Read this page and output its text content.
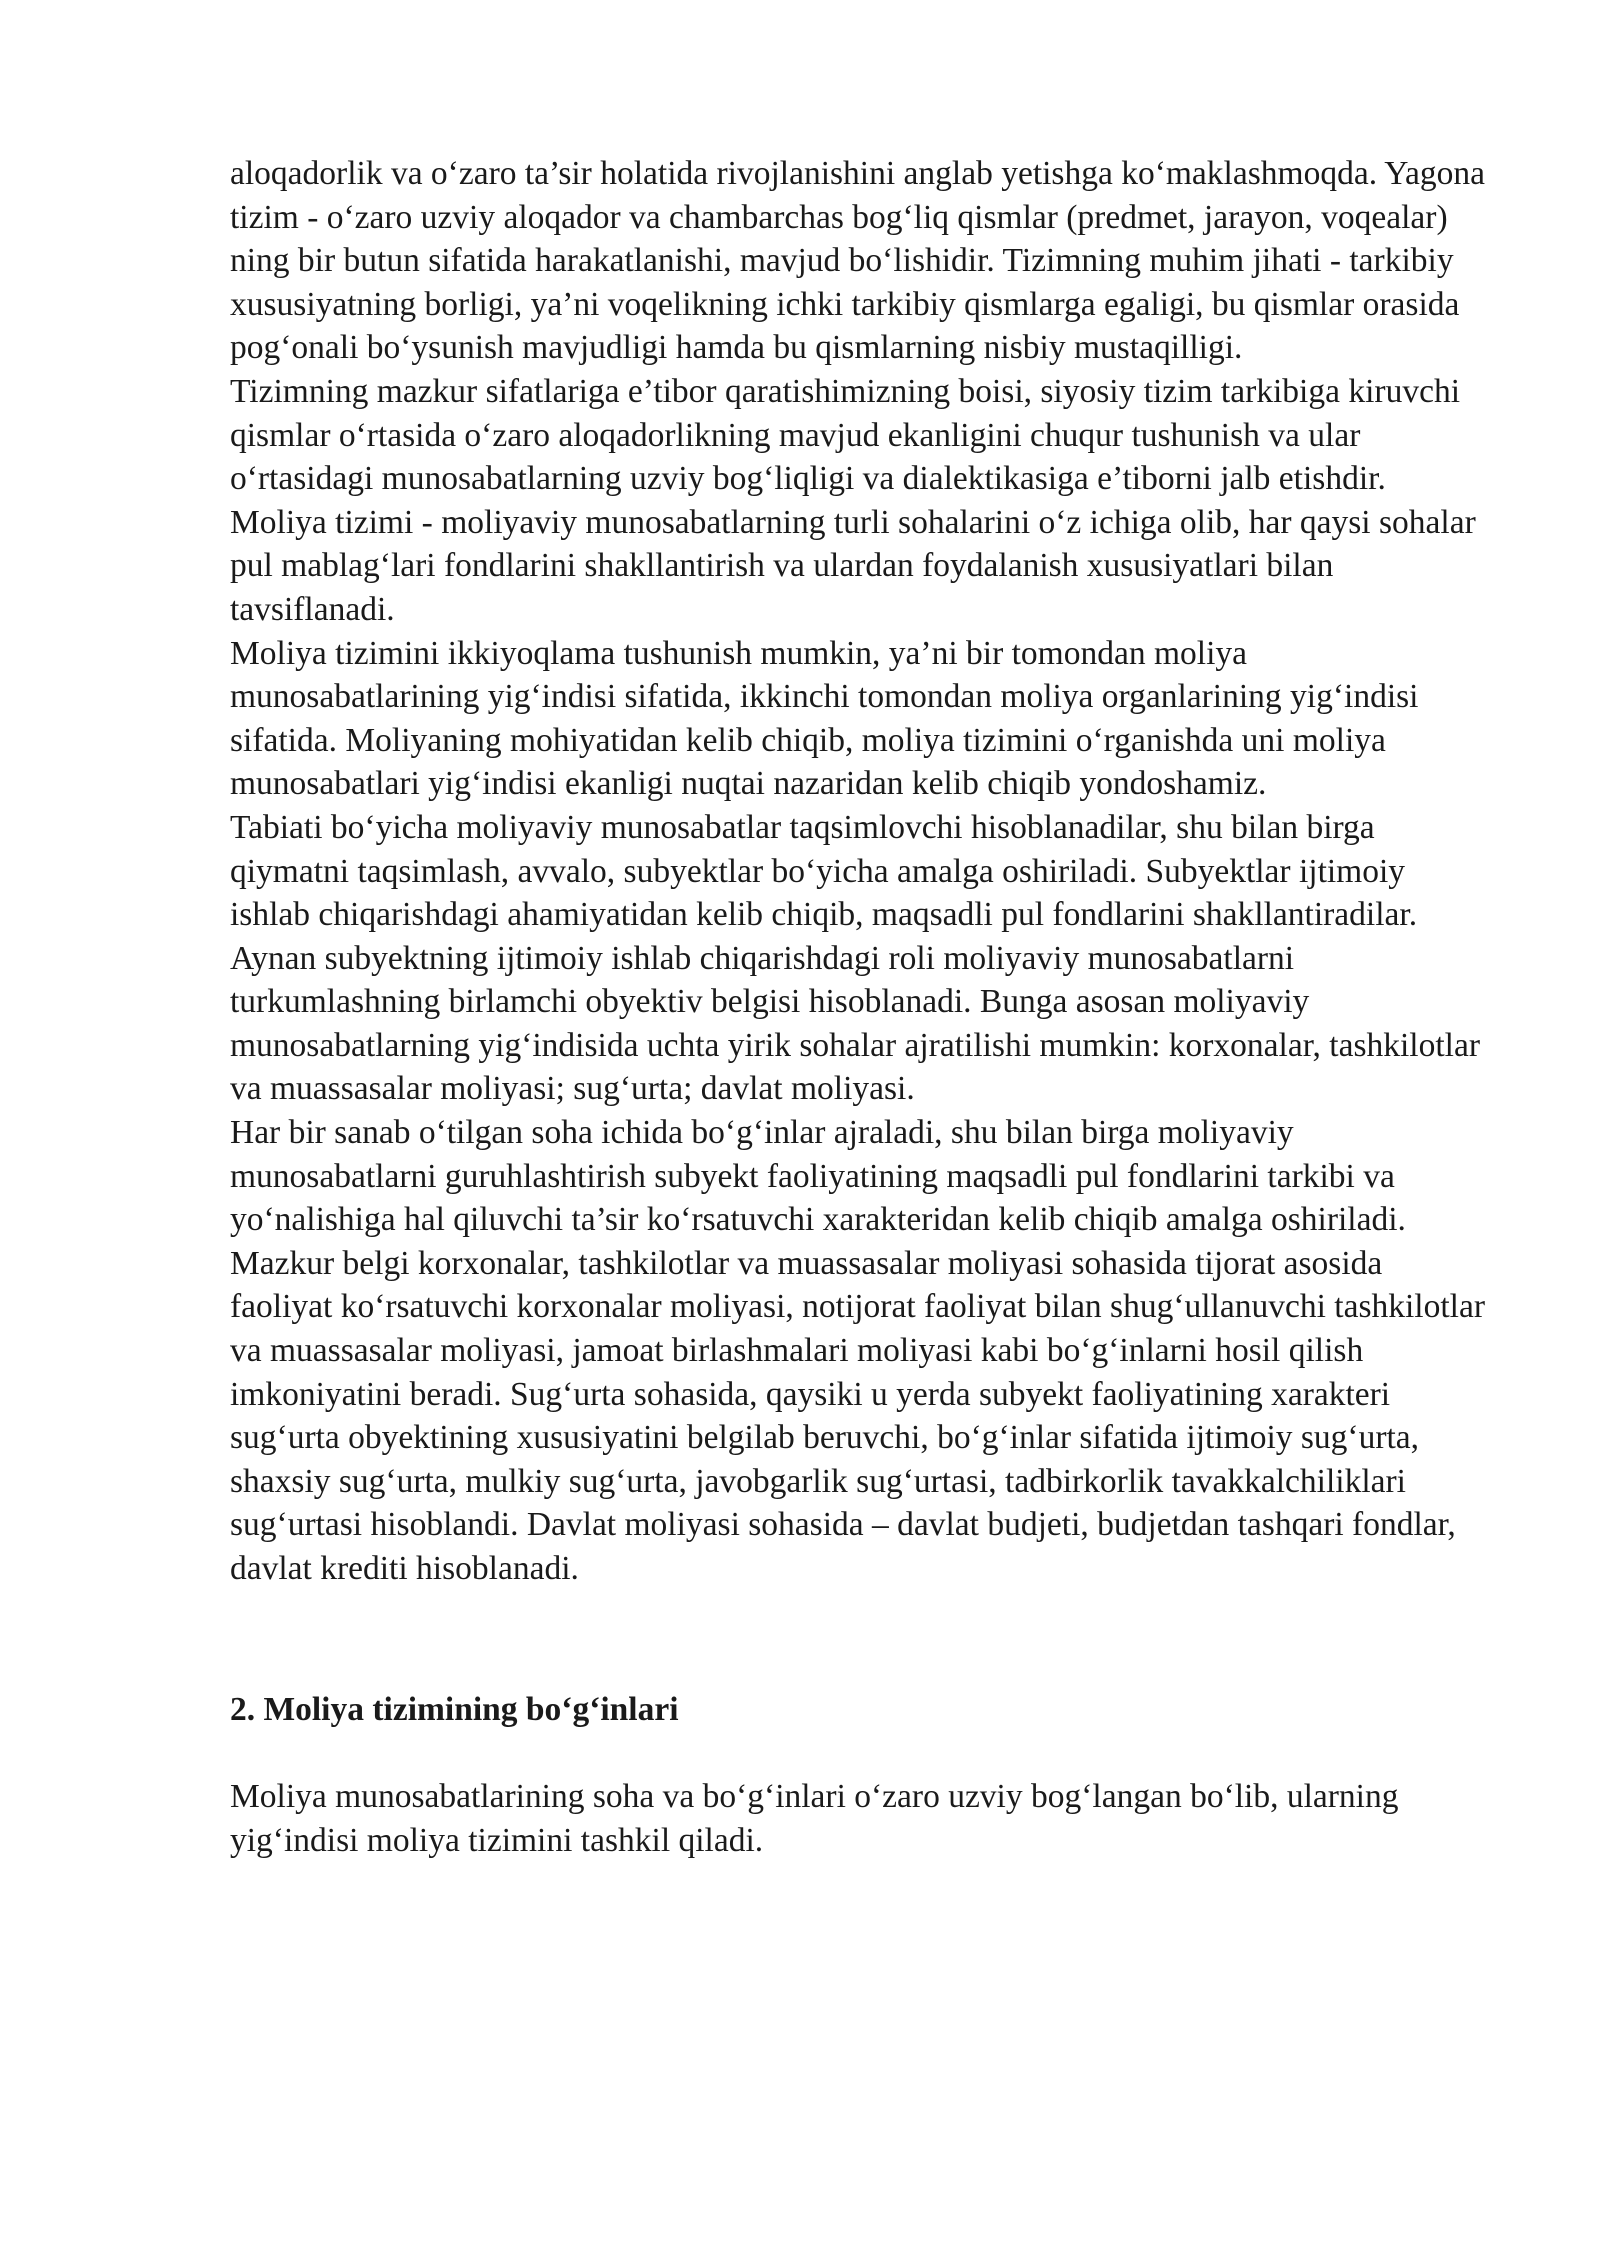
aloqadorlik va o‘zaro ta’sir holatida rivojlanishini anglab yetishga ko‘maklashmoqda. Yagona tizim - o‘zaro uzviy aloqador va chambarchas bog‘liq qismlar (predmet, jarayon, voqealar) ning bir butun sifatida harakatlanishi, mavjud bo‘lishidir. Tizimning muhim jihati - tarkibiy xususiyatning borligi, ya’ni voqelikning ichki tarkibiy qismlarga egaligi, bu qismlar orasida pog‘onali bo‘ysunish mavjudligi hamda bu qismlarning nisbiy mustaqilligi.

Tizimning mazkur sifatlariga e’tibor qaratishimizning boisi, siyosiy tizim tarkibiga kiruvchi qismlar o‘rtasida o‘zaro aloqadorlikning mavjud ekanligini chuqur tushunish va ular o‘rtasidagi munosabatlarning uzviy bog‘liqligi va dialektikasiga e’tiborni jalb etishdir.

Moliya tizimi - moliyaviy munosabatlarning turli sohalarini o‘z ichiga olib, har qaysi sohalar pul mablag‘lari fondlarini shakllantirish va ulardan foydalanish xususiyatlari bilan tavsiflanadi.

Moliya tizimini ikkiyoqlama tushunish mumkin, ya’ni bir tomondan moliya munosabatlarining yig‘indisi sifatida, ikkinchi tomondan moliya organlarining yig‘indisi sifatida. Moliyaning mohiyatidan kelib chiqib, moliya tizimini o‘rganishda uni moliya munosabatlari yig‘indisi ekanligi nuqtai nazaridan kelib chiqib yondoshamiz.

Tabiati bo‘yicha moliyaviy munosabatlar taqsimlovchi hisoblanadilar, shu bilan birga qiymatni taqsimlash, avvalo, subyektlar bo‘yicha amalga oshiriladi. Subyektlar ijtimoiy ishlab chiqarishdagi ahamiyatidan kelib chiqib, maqsadli pul fondlarini shakllantiradilar. Aynan subyektning ijtimoiy ishlab chiqarishdagi roli moliyaviy munosabatlarni turkumlashning birlamchi obyektiv belgisi hisoblanadi. Bunga asosan moliyaviy munosabatlarning yig‘indisida uchta yirik sohalar ajratilishi mumkin: korxonalar, tashkilotlar va muassasalar moliyasi; sug‘urta; davlat moliyasi.

Har bir sanab o‘tilgan soha ichida bo‘g‘inlar ajraladi, shu bilan birga moliyaviy munosabatlarni guruhlashtirish subyekt faoliyatining maqsadli pul fondlarini tarkibi va yo‘nalishiga hal qiluvchi ta’sir ko‘rsatuvchi xarakteridan kelib chiqib amalga oshiriladi.

Mazkur belgi korxonalar, tashkilotlar va muassasalar moliyasi sohasida tijorat asosida faoliyat ko‘rsatuvchi korxonalar moliyasi, notijorat faoliyat bilan shug‘ullanuvchi tashkilotlar va muassasalar moliyasi, jamoat birlashmalari moliyasi kabi bo‘g‘inlarni hosil qilish imkoniyatini beradi. Sug‘urta sohasida, qaysiki u yerda subyekt faoliyatining xarakteri sug‘urta obyektining xususiyatini belgilab beruvchi, bo‘g‘inlar sifatida ijtimoiy sug‘urta, shaxsiy sug‘urta, mulkiy sug‘urta, javobgarlik sug‘urtasi, tadbirkorlik tavakkalchiliklari sug‘urtasi hisoblandi. Davlat moliyasi sohasida – davlat budjeti, budjetdan tashqari fondlar, davlat krediti hisoblanadi.

2. Moliya tizimining bo‘g‘inlari

Moliya munosabatlarining soha va bo‘g‘inlari o‘zaro uzviy bog‘langan bo‘lib, ularning yig‘indisi moliya tizimini tashkil qiladi.
